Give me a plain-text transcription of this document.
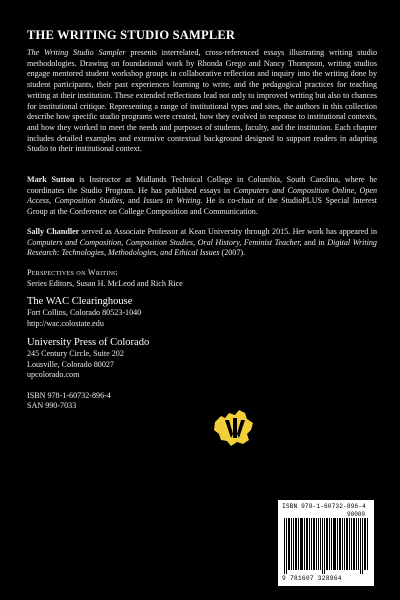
THE WRITING STUDIO SAMPLER

The Writing Studio Sampler presents interrelated, cross-referenced essays illustrating writing studio methodologies. Drawing on foundational work by Rhonda Grego and Nancy Thompson, writing studios engage mentored student workshop groups in collaborative reflection and inquiry into the writing done by student participants, their past experiences learning to write, and the pedagogical practices for teaching writing at their institution. These extended reflections lead not only to improved writing but also to chances for institutional critique. Representing a range of institutional types and sites, the authors in this collection describe how specific studio programs were created, how they evolved in response to institutional contexts, and how they worked to meet the needs and purposes of students, faculty, and the institution. Each chapter includes detailed examples and extensive contextual background designed to support readers in adapting Studio to their institutional context.

Mark Sutton is Instructor at Midlands Technical College in Columbia, South Carolina, where he coordinates the Studio Program. He has published essays in Computers and Composition Online, Open Access, Composition Studies, and Issues in Writing. He is co-chair of the StudioPLUS Special Interest Group at the Conference on College Composition and Communication.

Sally Chandler served as Associate Professor at Kean University through 2015. Her work has appeared in Computers and Composition, Composition Studies, Oral History, Feminist Teacher, and in Digital Writing Research: Technologies, Methodologies, and Ethical Issues (2007).

Perspectives on Writing
Series Editors, Susan H. McLeod and Rich Rice
The WAC Clearinghouse
Fort Collins, Colorado 80523-1040
http://wac.colostate.edu
University Press of Colorado
245 Century Circle, Suite 202
Lousville, Colorado 80027
upcolorado.com
ISBN 978-1-60732-896-4
SAN 990-7033
ISBN 978-1-60732-896-4
90000
9 781607 328964
